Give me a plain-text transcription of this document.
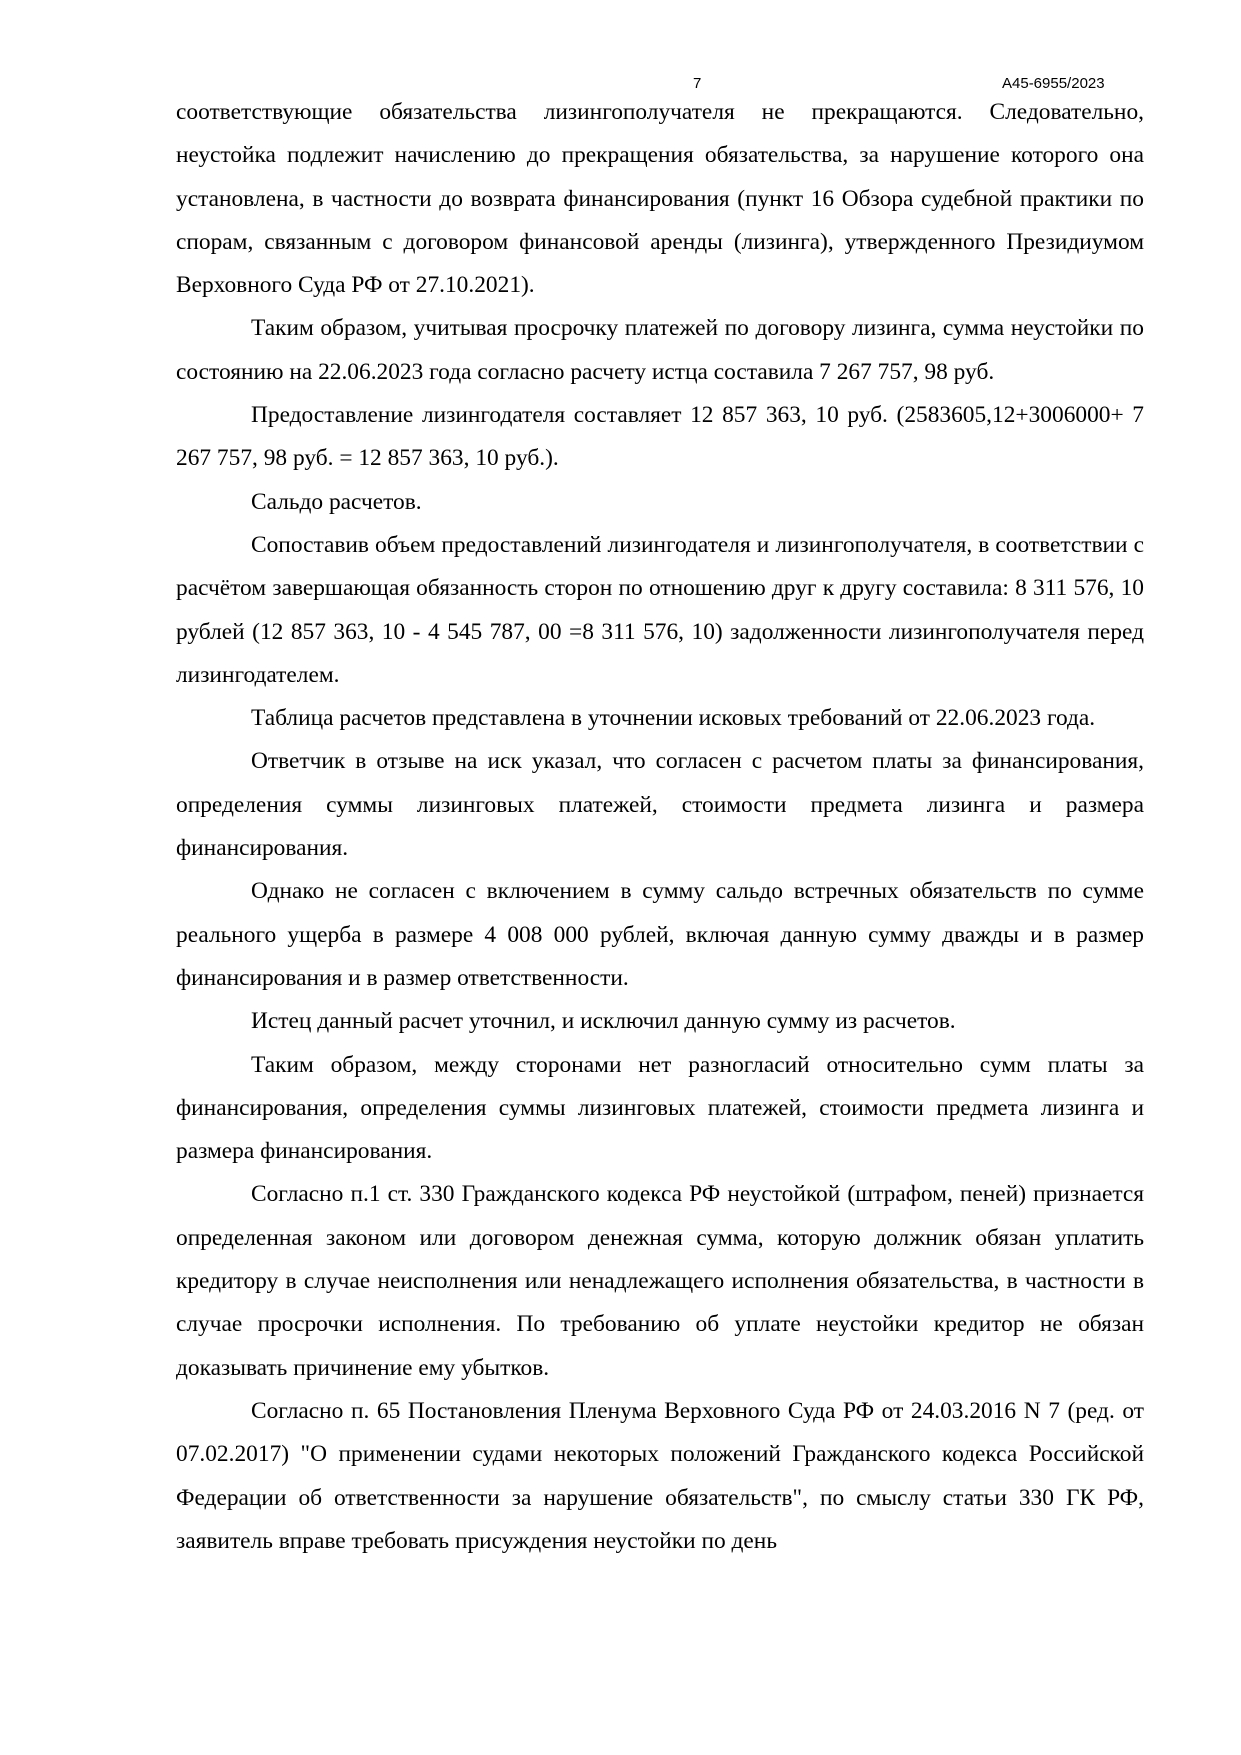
7	А45-6955/2023

соответствующие обязательства лизингополучателя не прекращаются. Следовательно, неустойка подлежит начислению до прекращения обязательства, за нарушение которого она установлена, в частности до возврата финансирования (пункт 16 Обзора судебной практики по спорам, связанным с договором финансовой аренды (лизинга), утвержденного Президиумом Верховного Суда РФ от 27.10.2021).

Таким образом, учитывая просрочку платежей по договору лизинга, сумма неустойки по состоянию на 22.06.2023 года согласно расчету истца составила 7 267 757, 98 руб.

Предоставление лизингодателя составляет 12 857 363, 10 руб. (2583605,12+3006000+ 7 267 757, 98 руб. = 12 857 363, 10 руб.).

Сальдо расчетов.

Сопоставив объем предоставлений лизингодателя и лизингополучателя, в соответствии с расчётом завершающая обязанность сторон по отношению друг к другу составила: 8 311 576, 10 рублей (12 857 363, 10 - 4 545 787, 00 =8 311 576, 10) задолженности лизингополучателя перед лизингодателем.

Таблица расчетов представлена в уточнении исковых требований от 22.06.2023 года.

Ответчик в отзыве на иск указал, что согласен с расчетом платы за финансирования, определения суммы лизинговых платежей, стоимости предмета лизинга и размера финансирования.

Однако не согласен с включением в сумму сальдо встречных обязательств по сумме реального ущерба в размере 4 008 000 рублей, включая данную сумму дважды и в размер финансирования и в размер ответственности.

Истец данный расчет уточнил, и исключил данную сумму из расчетов.

Таким образом, между сторонами нет разногласий относительно сумм платы за финансирования, определения суммы лизинговых платежей, стоимости предмета лизинга и размера финансирования.

Согласно п.1 ст. 330 Гражданского кодекса РФ неустойкой (штрафом, пеней) признается определенная законом или договором денежная сумма, которую должник обязан уплатить кредитору в случае неисполнения или ненадлежащего исполнения обязательства, в частности в случае просрочки исполнения. По требованию об уплате неустойки кредитор не обязан доказывать причинение ему убытков.

Согласно п. 65 Постановления Пленума Верховного Суда РФ от 24.03.2016 N 7 (ред. от 07.02.2017) "О применении судами некоторых положений Гражданского кодекса Российской Федерации об ответственности за нарушение обязательств", по смыслу статьи 330 ГК РФ, заявитель вправе требовать присуждения неустойки по день
